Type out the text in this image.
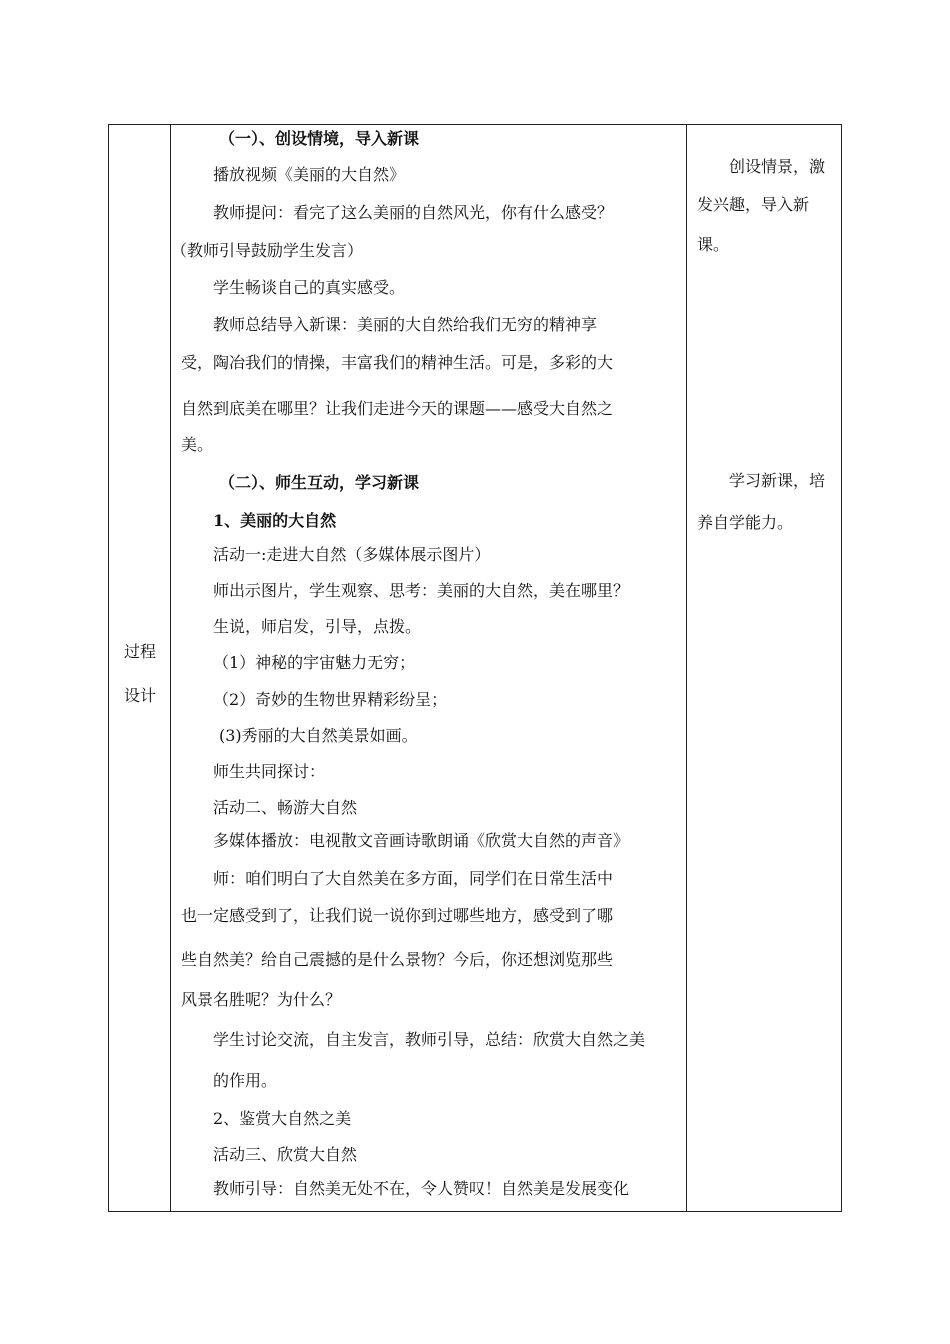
过程
设计
（一）、创设情境，导入新课
播放视频《美丽的大自然》
教师提问：看完了这么美丽的自然风光，你有什么感受？
（教师引导鼓励学生发言）
学生畅谈自己的真实感受。
教师总结导入新课：美丽的大自然给我们无穷的精神享
受，陶冶我们的情操，丰富我们的精神生活。可是，多彩的大
自然到底美在哪里？让我们走进今天的课题——感受大自然之
美。
（二）、师生互动，学习新课
1、美丽的大自然
活动一:走进大自然（多媒体展示图片）
师出示图片，学生观察、思考：美丽的大自然，美在哪里？
生说，师启发，引导，点拨。
（1）神秘的宇宙魅力无穷；
（2）奇妙的生物世界精彩纷呈；
(3)秀丽的大自然美景如画。
师生共同探讨：
活动二、畅游大自然
多媒体播放：电视散文音画诗歌朗诵《欣赏大自然的声音》
师：咱们明白了大自然美在多方面，同学们在日常生活中
也一定感受到了，让我们说一说你到过哪些地方，感受到了哪
些自然美？给自己震撼的是什么景物？今后，你还想浏览那些
风景名胜呢？为什么？
学生讨论交流，自主发言，教师引导，总结：欣赏大自然之美
的作用。
2、鉴赏大自然之美
活动三、欣赏大自然
教师引导：自然美无处不在，令人赞叹！自然美是发展变化
创设情景，激
发兴趣，导入新
课。
学习新课，培
养自学能力。
